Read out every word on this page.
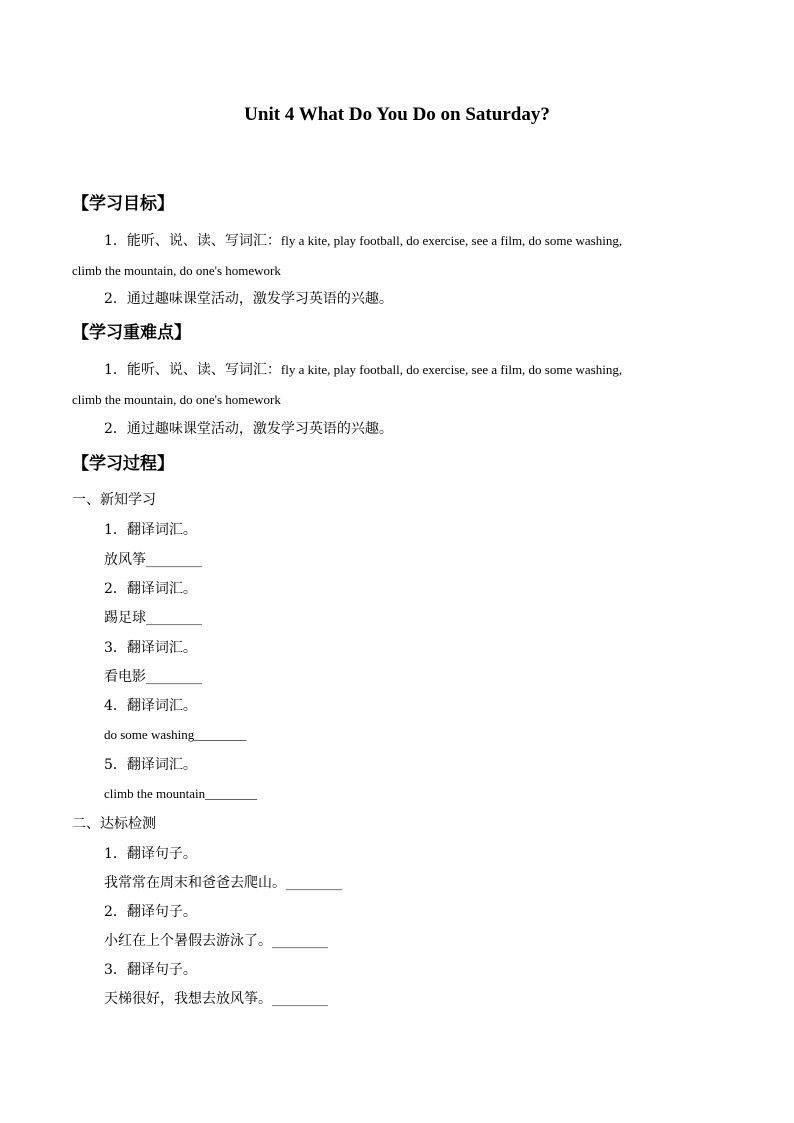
Unit 4 What Do You Do on Saturday?
【学习目标】
1．能听、说、读、写词汇：fly a kite, play football, do exercise, see a film, do some washing,
climb the mountain, do one's homework
2．通过趣味课堂活动，激发学习英语的兴趣。
【学习重难点】
1．能听、说、读、写词汇：fly a kite, play football, do exercise, see a film, do some washing,
climb the mountain, do one's homework
2．通过趣味课堂活动，激发学习英语的兴趣。
【学习过程】
一、新知学习
1．翻译词汇。
放风筝________
2．翻译词汇。
踢足球________
3．翻译词汇。
看电影________
4．翻译词汇。
do some washing________
5．翻译词汇。
climb the mountain________
二、达标检测
1．翻译句子。
我常常在周末和爸爸去爬山。________
2．翻译句子。
小红在上个暑假去游泳了。________
3．翻译句子。
天梯很好，我想去放风筝。________
